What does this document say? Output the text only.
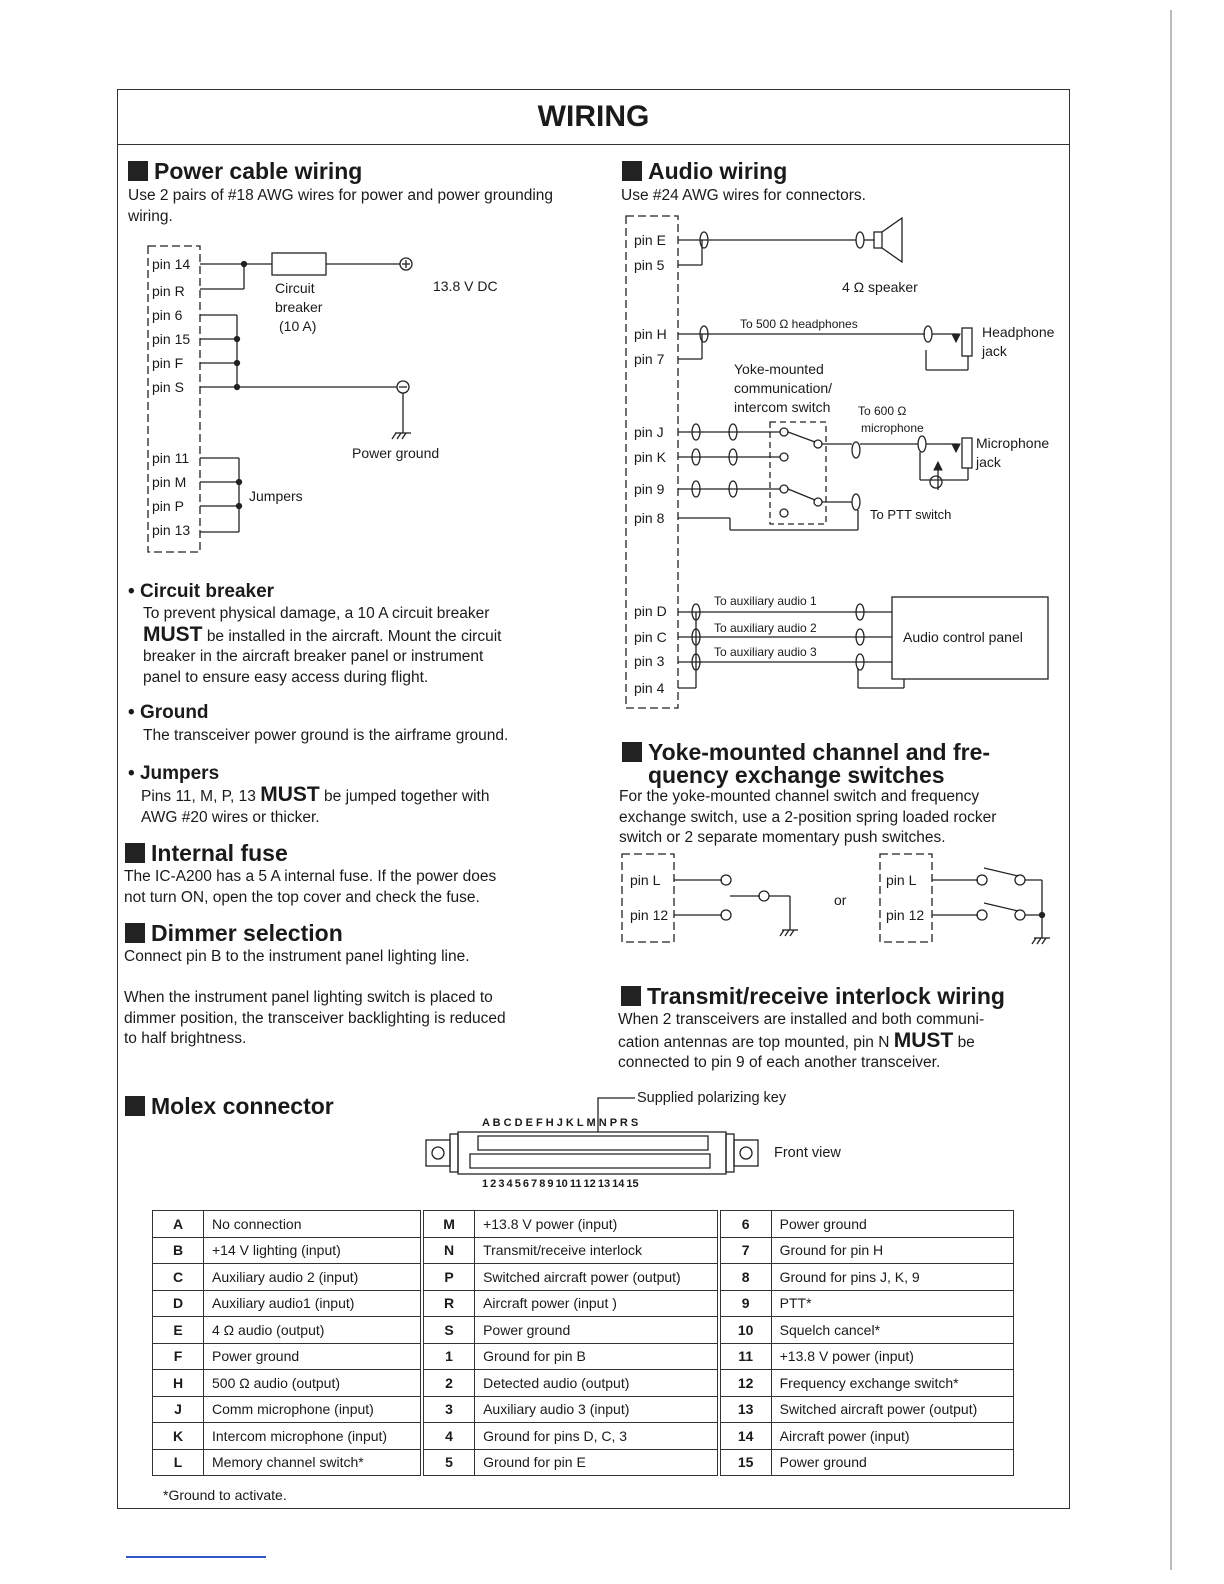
WIRING
Power cable wiring
Use 2 pairs of #18 AWG wires for power and power grounding wiring.
pin 14
pin R
pin 6
pin 15
pin F
pin S
pin 11
pin M
pin P
pin 13
Circuit
breaker
(10 A)
13.8 V DC
Power ground
Jumpers
• Circuit breaker
To prevent physical damage, a 10 A circuit breaker
MUST be installed in the aircraft. Mount the circuit
breaker in the aircraft breaker panel or instrument
panel to ensure easy access during flight.
• Ground
The transceiver power ground is the airframe ground.
• Jumpers
Pins 11, M, P, 13 MUST be jumped together with
AWG #20 wires or thicker.
Internal fuse
The IC-A200 has a 5 A internal fuse. If the power does
not turn ON, open the top cover and check the fuse.
Dimmer selection
Connect pin B to the instrument panel lighting line.
When the instrument panel lighting switch is placed to
dimmer position, the transceiver backlighting is reduced
to half brightness.
Audio wiring
Use #24 AWG wires for connectors.
pin E
pin 5
pin H
pin 7
pin J
pin K
pin 9
pin 8
pin D
pin C
pin 3
pin 4
4 Ω speaker
To 500 Ω headphones	Headphone
jack
Yoke-mounted
communication/
intercom switch To 600 Ω
microphone
Microphone
jack
To PTT switch
To auxiliary audio 1
To auxiliary audio 2
To auxiliary audio 3
Audio control panel
Yoke-mounted channel and fre-
quency exchange switches
For the yoke-mounted channel switch and frequency
exchange switch, use a 2-position spring loaded rocker
switch or 2 separate momentary push switches.
pin L
pin 12
or
pin L
pin 12
Transmit/receive interlock wiring
When 2 transceivers are installed and both communi-
cation antennas are top mounted, pin N MUST be
connected to pin 9 of each another transceiver.
Molex connector	Supplied polarizing key
A B C D E F H J K L M N P R S
1 2 3 4 5 6 7 8 9 10 11 12 13 14 15
Front view
A	No connection	M	+13.8 V power (input)	6	Power ground
B	+14 V lighting (input)	N	Transmit/receive interlock	7	Ground for pin H
C	Auxiliary audio 2 (input)	P	Switched aircraft power (output)	8	Ground for pins J, K, 9
D	Auxiliary audio1 (input)	R	Aircraft power (input )	9	PTT*
E	4 Ω audio (output)	S	Power ground	10	Squelch cancel*
F	Power ground	1	Ground for pin B	11	+13.8 V power (input)
H	500 Ω audio (output)	2	Detected audio (output)	12	Frequency exchange switch*
J	Comm microphone (input)	3	Auxiliary audio 3 (input)	13	Switched aircraft power (output)
K	Intercom microphone (input)	4	Ground for pins D, C, 3	14	Aircraft power (input)
L	Memory channel switch*	5	Ground for pin E	15	Power ground
*Ground to activate.
